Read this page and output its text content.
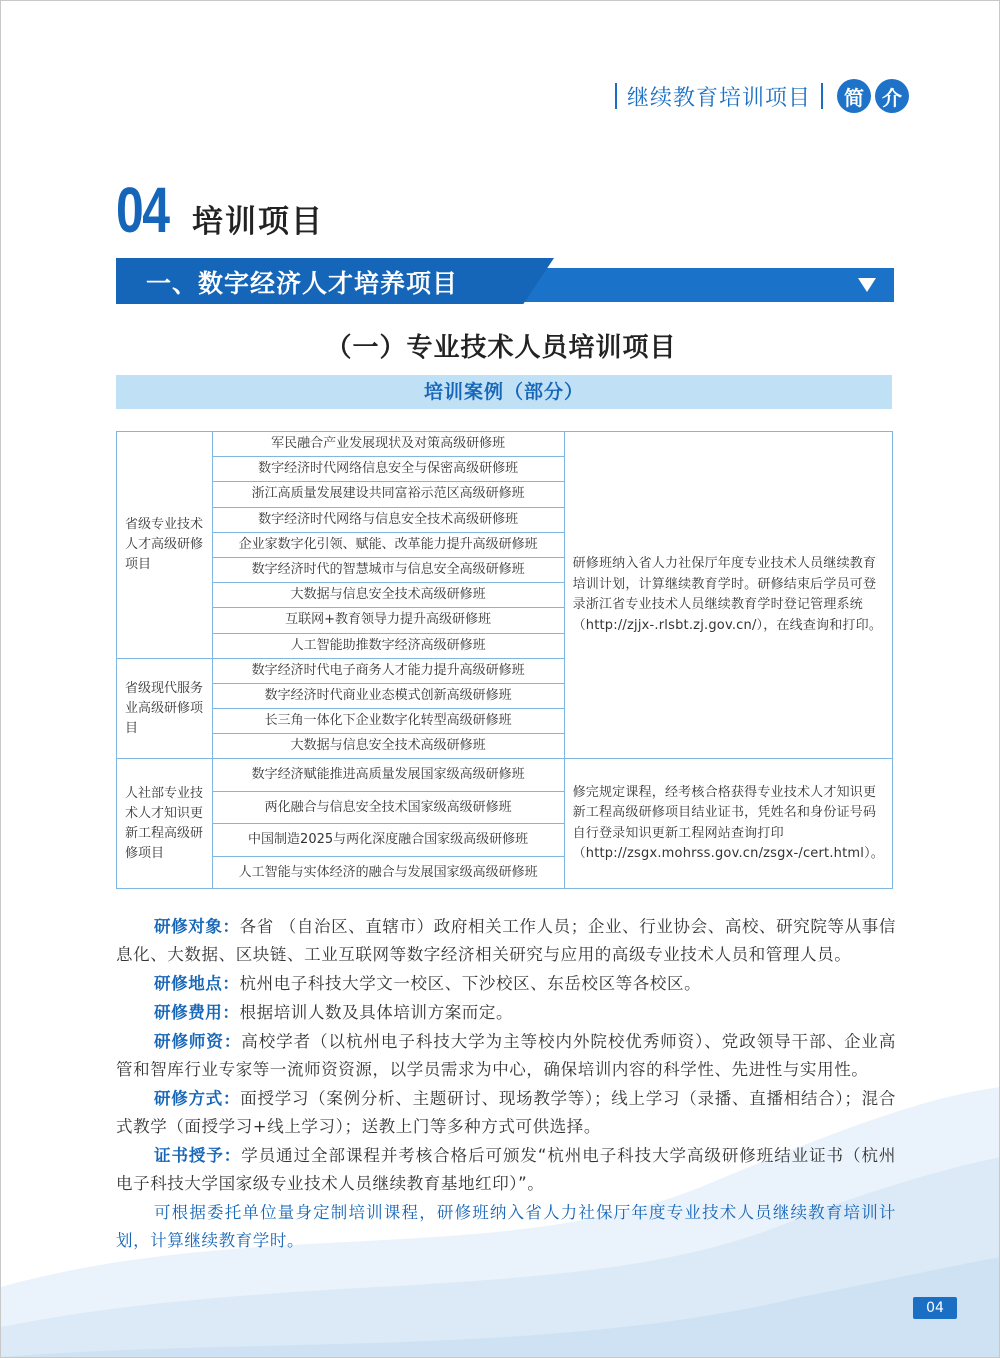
继续教育培训项目	简 介
04 培训项目
一、数字经济人才培养项目
（一）专业技术人员培训项目
培训案例（部分）
省级专业技术人才高级研修项目	军民融合产业发展现状及对策高级研修班	研修班纳入省人力社保厅年度专业技术人员继续教育培训计划，计算继续教育学时。研修结束后学员可登录浙江省专业技术人员继续教育学时登记管理系统（http://zjjx-.rlsbt.zj.gov.cn/），在线查询和打印。
	数字经济时代网络信息安全与保密高级研修班	
	浙江高质量发展建设共同富裕示范区高级研修班	
	数字经济时代网络与信息安全技术高级研修班	
	企业家数字化引领、赋能、改革能力提升高级研修班	
	数字经济时代的智慧城市与信息安全高级研修班	
	大数据与信息安全技术高级研修班	
	互联网+教育领导力提升高级研修班	
	人工智能助推数字经济高级研修班	
省级现代服务业高级研修项目	数字经济时代电子商务人才能力提升高级研修班	
	数字经济时代商业业态模式创新高级研修班	
	长三角一体化下企业数字化转型高级研修班	
	大数据与信息安全技术高级研修班	
人社部专业技术人才知识更新工程高级研修项目	数字经济赋能推进高质量发展国家级高级研修班	修完规定课程，经考核合格获得专业技术人才知识更新工程高级研修项目结业证书，凭姓名和身份证号码自行登录知识更新工程网站查询打印（http://zsgx.mohrss.gov.cn/zsgx-/cert.html）。
	两化融合与信息安全技术国家级高级研修班	
	中国制造2025与两化深度融合国家级高级研修班	
	人工智能与实体经济的融合与发展国家级高级研修班	

研修对象：各省 （自治区、直辖市）政府相关工作人员；企业、行业协会、高校、研究院等从事信息化、大数据、区块链、工业互联网等数字经济相关研究与应用的高级专业技术人员和管理人员。

研修地点：杭州电子科技大学文一校区、下沙校区、东岳校区等各校区。

研修费用：根据培训人数及具体培训方案而定。

研修师资：高校学者（以杭州电子科技大学为主等校内外院校优秀师资）、党政领导干部、企业高管和智库行业专家等一流师资资源，以学员需求为中心，确保培训内容的科学性、先进性与实用性。

研修方式：面授学习（案例分析、主题研讨、现场教学等）；线上学习（录播、直播相结合）；混合式教学（面授学习+线上学习）；送教上门等多种方式可供选择。

证书授予：学员通过全部课程并考核合格后可颁发“杭州电子科技大学高级研修班结业证书（杭州电子科技大学国家级专业技术人员继续教育基地红印）”。

可根据委托单位量身定制培训课程，研修班纳入省人力社保厅年度专业技术人员继续教育培训计划，计算继续教育学时。

04
